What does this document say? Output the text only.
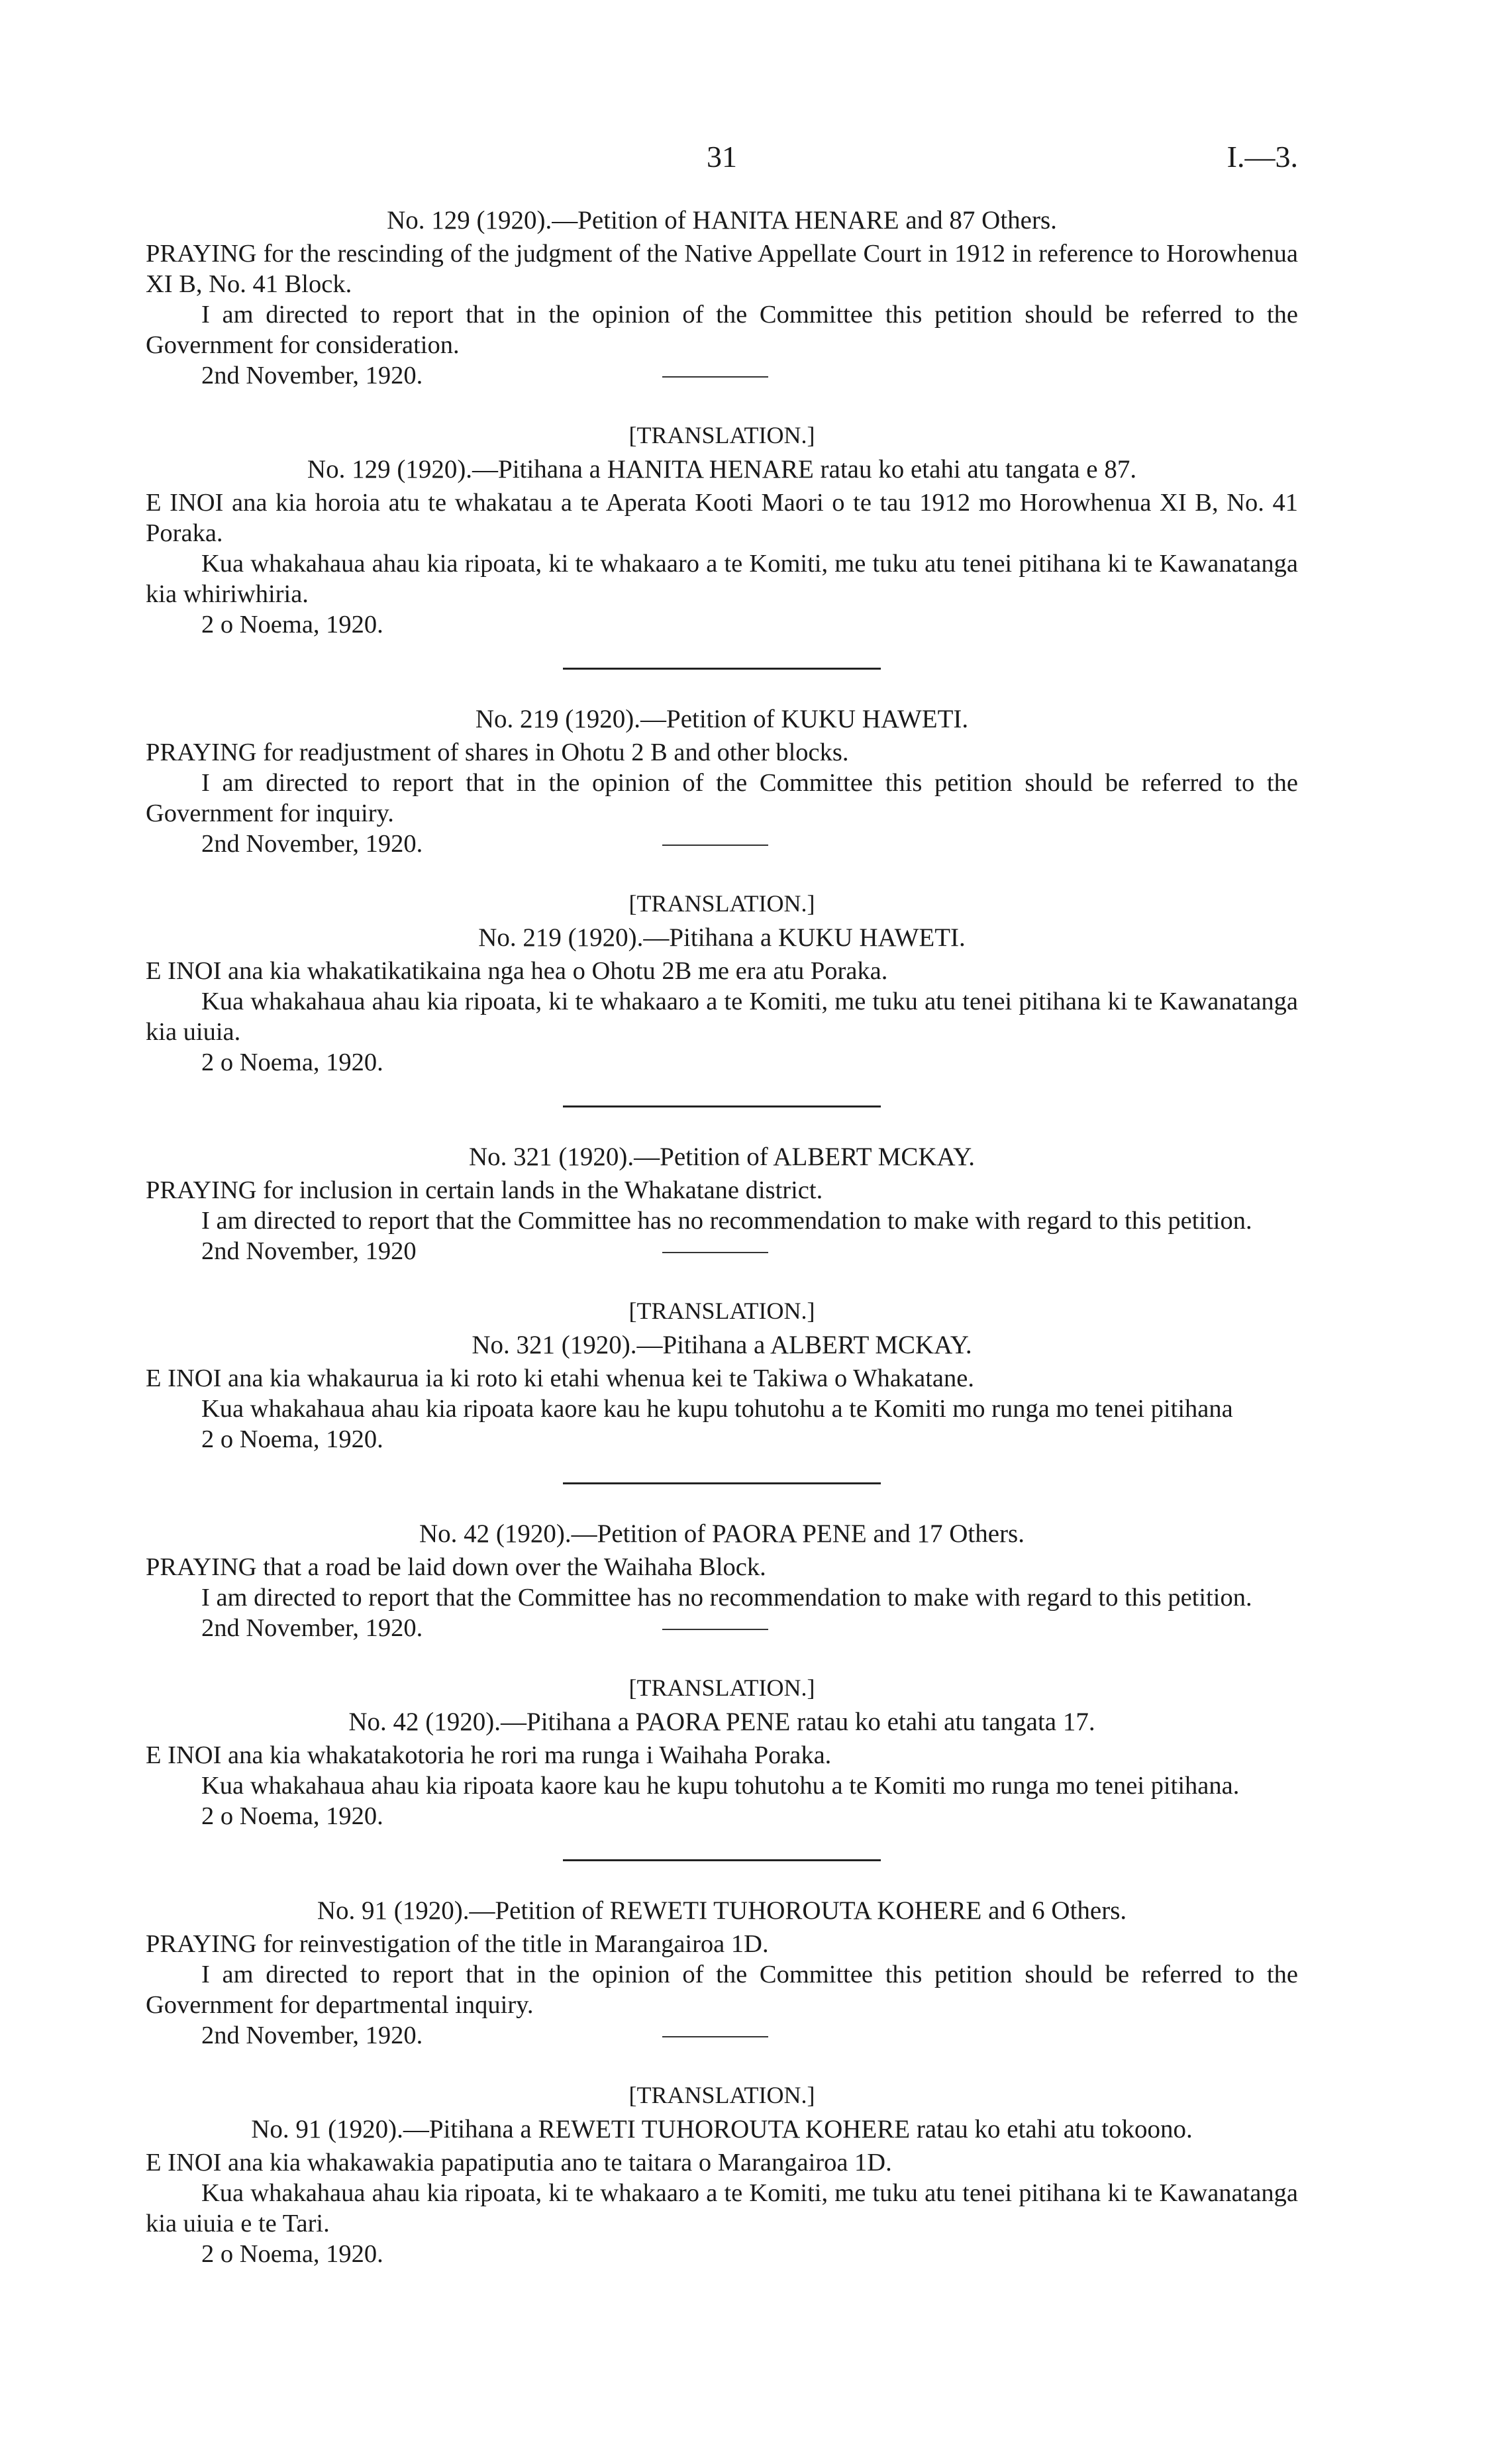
31	I.—3.
No. 129 (1920).—Petition of HANITA HENARE and 87 Others.

PRAYING for the rescinding of the judgment of the Native Appellate Court in 1912 in reference to Horowhenua XI B, No. 41 Block.

I am directed to report that in the opinion of the Committee this petition should be referred to the Government for consideration.

2nd November, 1920.
[TRANSLATION.]
No. 129 (1920).—Pitihana a HANITA HENARE ratau ko etahi atu tangata e 87.

E INOI ana kia horoia atu te whakatau a te Aperata Kooti Maori o te tau 1912 mo Horowhenua XI B, No. 41 Poraka.

Kua whakahaua ahau kia ripoata, ki te whakaaro a te Komiti, me tuku atu tenei pitihana ki te Kawanatanga kia whiriwhiria.

2 o Noema, 1920.
No. 219 (1920).—Petition of KUKU HAWETI.

PRAYING for readjustment of shares in Ohotu 2 B and other blocks.

I am directed to report that in the opinion of the Committee this petition should be referred to the Government for inquiry.

2nd November, 1920.
[TRANSLATION.]
No. 219 (1920).—Pitihana a KUKU HAWETI.

E INOI ana kia whakatikatikaina nga hea o Ohotu 2B me era atu Poraka.

Kua whakahaua ahau kia ripoata, ki te whakaaro a te Komiti, me tuku atu tenei pitihana ki te Kawanatanga kia uiuia.

2 o Noema, 1920.
No. 321 (1920).—Petition of ALBERT MCKAY.

PRAYING for inclusion in certain lands in the Whakatane district.

I am directed to report that the Committee has no recommendation to make with regard to this petition.

2nd November, 1920
[TRANSLATION.]
No. 321 (1920).—Pitihana a ALBERT MCKAY.

E INOI ana kia whakaurua ia ki roto ki etahi whenua kei te Takiwa o Whakatane.

Kua whakahaua ahau kia ripoata kaore kau he kupu tohutohu a te Komiti mo runga mo tenei pitihana

2 o Noema, 1920.
No. 42 (1920).—Petition of PAORA PENE and 17 Others.

PRAYING that a road be laid down over the Waihaha Block.

I am directed to report that the Committee has no recommendation to make with regard to this petition.

2nd November, 1920.
[TRANSLATION.]
No. 42 (1920).—Pitihana a PAORA PENE ratau ko etahi atu tangata 17.

E INOI ana kia whakatakotoria he rori ma runga i Waihaha Poraka.

Kua whakahaua ahau kia ripoata kaore kau he kupu tohutohu a te Komiti mo runga mo tenei pitihana.

2 o Noema, 1920.
No. 91 (1920).—Petition of REWETI TUHOROUTA KOHERE and 6 Others.

PRAYING for reinvestigation of the title in Marangairoa 1D.

I am directed to report that in the opinion of the Committee this petition should be referred to the Government for departmental inquiry.

2nd November, 1920.
[TRANSLATION.]
No. 91 (1920).—Pitihana a REWETI TUHOROUTA KOHERE ratau ko etahi atu tokoono.

E INOI ana kia whakawakia papatiputia ano te taitara o Marangairoa 1D.

Kua whakahaua ahau kia ripoata, ki te whakaaro a te Komiti, me tuku atu tenei pitihana ki te Kawanatanga kia uiuia e te Tari.

2 o Noema, 1920.
